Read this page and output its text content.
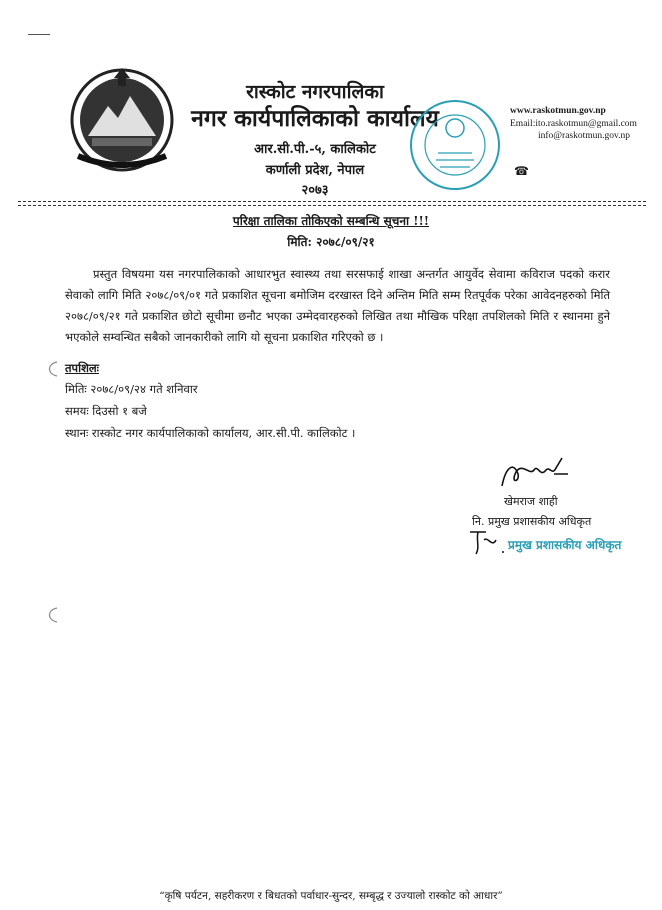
रास्कोट नगरपालिका
नगर कार्यपालिकाको कार्यालय
आर.सी.पी.-५, कालिकोट
कर्णाली प्रदेश, नेपाल
२०७३
www.raskotmun.gov.np
Email:ito.raskotmun@gmail.com
info@raskotmun.gov.np
☎
परिक्षा तालिका तोकिएको सम्बन्धि सूचना !!!
मिति: २०७८/०९/२१
प्रस्तुत विषयमा यस नगरपालिकाको आधारभुत स्वास्थ्य तथा सरसफाई शाखा अन्तर्गत आयुर्वेद सेवामा कविराज पदको करार सेवाको लागि मिति २०७८/०९/०१ गते प्रकाशित सूचना बमोजिम दरखास्त दिने अन्तिम मिति सम्म रितपूर्वक परेका आवेदनहरुको मिति २०७८/०९/२१ गते प्रकाशित छोटो सूचीमा छनौट भएका उम्मेदवारहरुको लिखित तथा मौखिक परिक्षा तपशिलको मिति र स्थानमा हुने भएकोले सम्वन्धित सबैको जानकारीको लागि यो सूचना प्रकाशित गरिएको छ ।
तपशिलः
मितिः २०७८/०९/२४ गते शनिवार
समयः दिउसो १ बजे
स्थानः रास्कोट नगर कार्यपालिकाको कार्यालय, आर.सी.पी. कालिकोट ।
खेमराज शाही
नि. प्रमुख प्रशासकीय अधिकृत
प्रमुख प्रशासकीय अधिकृत
“कृषि पर्यटन, सहरीकरण र बिधतको पर्वाधार-सुन्दर, सम्बृद्ध र उज्यालो रास्कोट को आधार”
